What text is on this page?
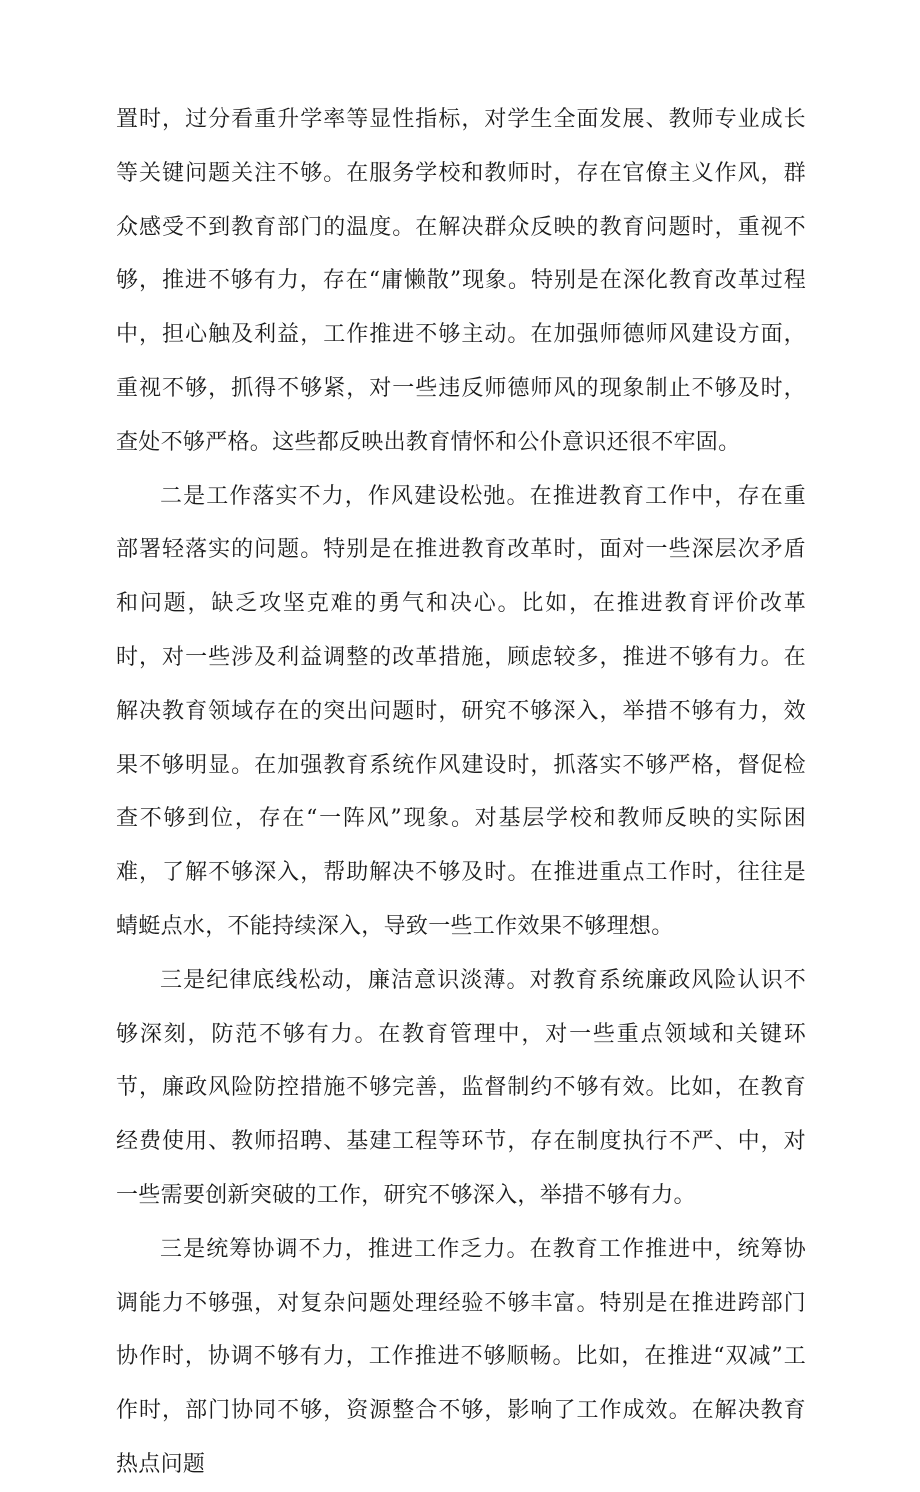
置时，过分看重升学率等显性指标，对学生全面发展、教师专业成长等关键问题关注不够。在服务学校和教师时，存在官僚主义作风，群众感受不到教育部门的温度。在解决群众反映的教育问题时，重视不够，推进不够有力，存在“庸懒散”现象。特别是在深化教育改革过程中，担心触及利益，工作推进不够主动。在加强师德师风建设方面，重视不够，抓得不够紧，对一些违反师德师风的现象制止不够及时，查处不够严格。这些都反映出教育情怀和公仆意识还很不牢固。

二是工作落实不力，作风建设松弛。在推进教育工作中，存在重部署轻落实的问题。特别是在推进教育改革时，面对一些深层次矛盾和问题，缺乏攻坚克难的勇气和决心。比如，在推进教育评价改革时，对一些涉及利益调整的改革措施，顾虑较多，推进不够有力。在解决教育领域存在的突出问题时，研究不够深入，举措不够有力，效果不够明显。在加强教育系统作风建设时，抓落实不够严格，督促检查不够到位，存在“一阵风”现象。对基层学校和教师反映的实际困难，了解不够深入，帮助解决不够及时。在推进重点工作时，往往是蜻蜓点水，不能持续深入，导致一些工作效果不够理想。

三是纪律底线松动，廉洁意识淡薄。对教育系统廉政风险认识不够深刻，防范不够有力。在教育管理中，对一些重点领域和关键环节，廉政风险防控措施不够完善，监督制约不够有效。比如，在教育经费使用、教师招聘、基建工程等环节，存在制度执行不严、中，对一些需要创新突破的工作，研究不够深入，举措不够有力。

三是统筹协调不力，推进工作乏力。在教育工作推进中，统筹协调能力不够强，对复杂问题处理经验不够丰富。特别是在推进跨部门协作时，协调不够有力，工作推进不够顺畅。比如，在推进“双减”工作时，部门协同不够，资源整合不够，影响了工作成效。在解决教育热点问题
